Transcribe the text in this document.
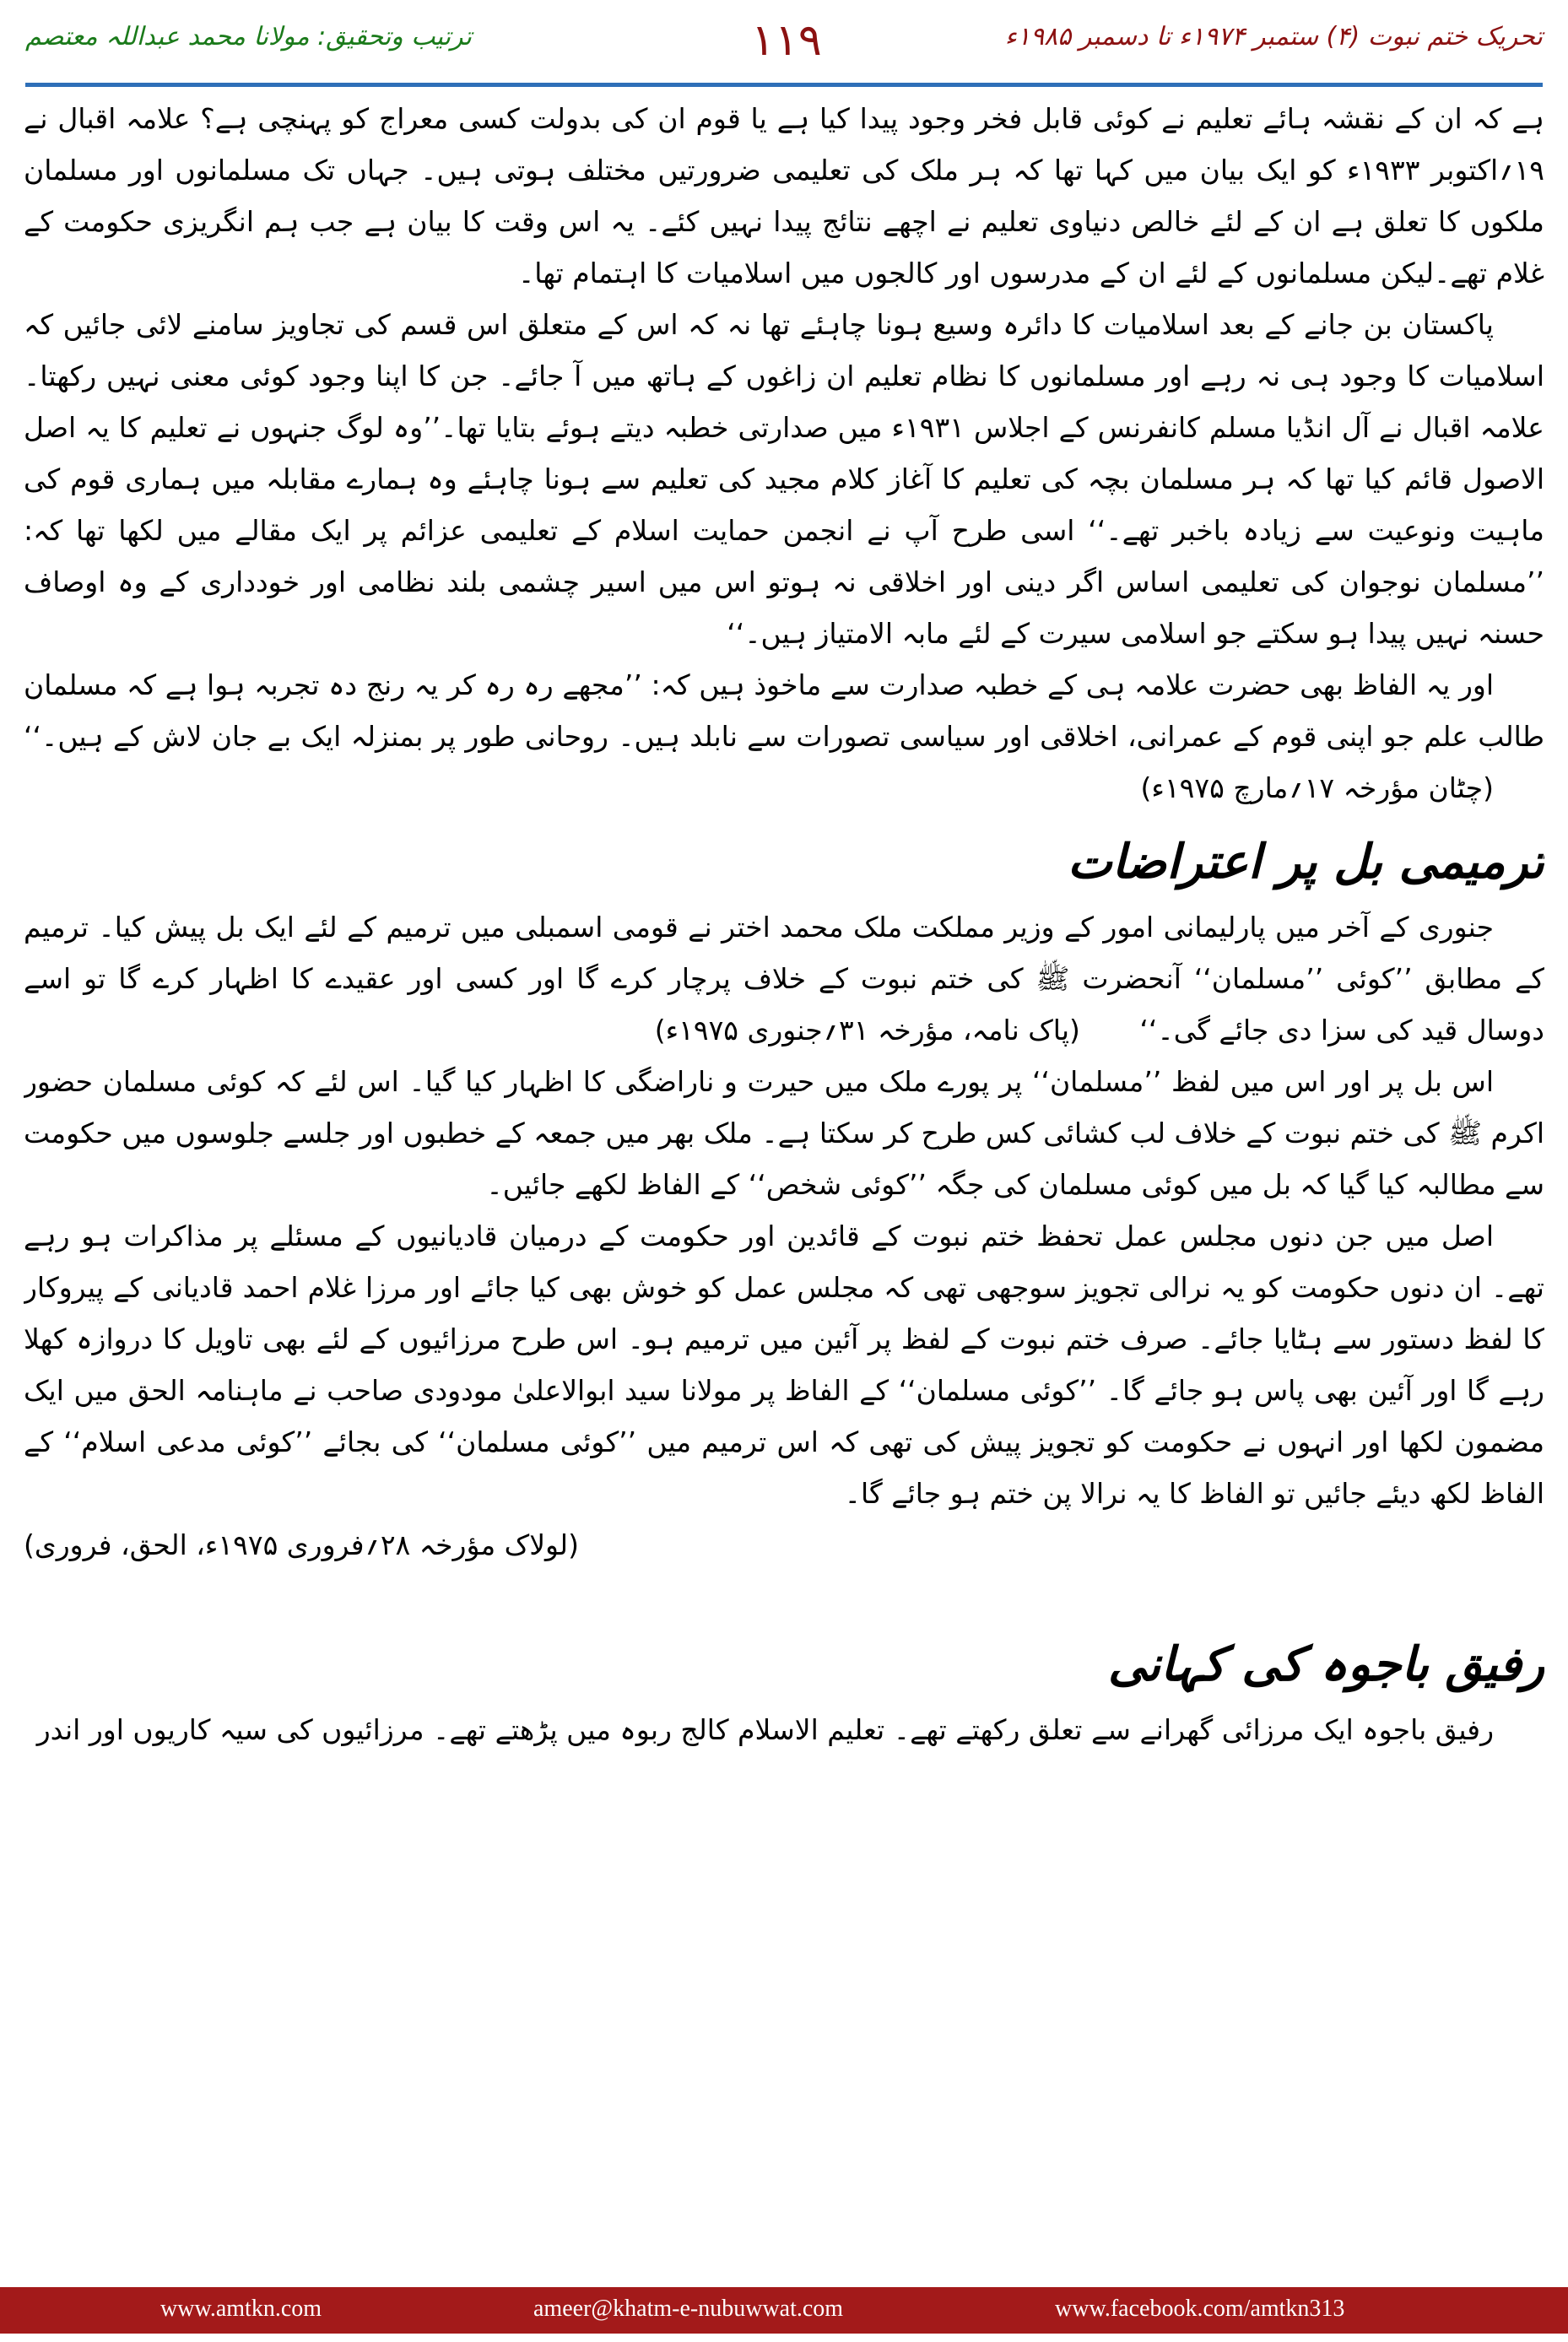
ترتیب وتحقیق: مولانا محمد عبداللہ معتصم	۱۱۹	تحریک ختم نبوت (۴) ستمبر ۱۹۷۴ء تا دسمبر ۱۹۸۵ء

ہے کہ ان کے نقشہ ہائے تعلیم نے کوئی قابل فخر وجود پیدا کیا ہے یا قوم ان کی بدولت کسی معراج کو پہنچی ہے؟ علامہ اقبال نے ۱۹؍اکتوبر ۱۹۳۳ء کو ایک بیان میں کہا تھا کہ ہر ملک کی تعلیمی ضرورتیں مختلف ہوتی ہیں۔ جہاں تک مسلمانوں اور مسلمان ملکوں کا تعلق ہے ان کے لئے خالص دنیاوی تعلیم نے اچھے نتائج پیدا نہیں کئے۔ یہ اس وقت کا بیان ہے جب ہم انگریزی حکومت کے غلام تھے۔لیکن مسلمانوں کے لئے ان کے مدرسوں اور کالجوں میں اسلامیات کا اہتمام تھا۔

پاکستان بن جانے کے بعد اسلامیات کا دائرہ وسیع ہونا چاہئے تھا نہ کہ اس کے متعلق اس قسم کی تجاویز سامنے لائی جائیں کہ اسلامیات کا وجود ہی نہ رہے اور مسلمانوں کا نظام تعلیم ان زاغوں کے ہاتھ میں آ جائے۔ جن کا اپنا وجود کوئی معنی نہیں رکھتا۔علامہ اقبال نے آل انڈیا مسلم کانفرنس کے اجلاس ۱۹۳۱ء میں صدارتی خطبہ دیتے ہوئے بتایا تھا۔’’وہ لوگ جنہوں نے تعلیم کا یہ اصل الاصول قائم کیا تھا کہ ہر مسلمان بچہ کی تعلیم کا آغاز کلام مجید کی تعلیم سے ہونا چاہئے وہ ہمارے مقابلہ میں ہماری قوم کی ماہیت ونوعیت سے زیادہ باخبر تھے۔‘‘ اسی طرح آپ نے انجمن حمایت اسلام کے تعلیمی عزائم پر ایک مقالے میں لکھا تھا کہ: ’’مسلمان نوجوان کی تعلیمی اساس اگر دینی اور اخلاقی نہ ہوتو اس میں اسیر چشمی بلند نظامی اور خودداری کے وہ اوصاف حسنہ نہیں پیدا ہو سکتے جو اسلامی سیرت کے لئے مابہ الامتیاز ہیں۔‘‘

اور یہ الفاظ بھی حضرت علامہ ہی کے خطبہ صدارت سے ماخوذ ہیں کہ: ’’مجھے رہ رہ کر یہ رنج دہ تجربہ ہوا ہے کہ مسلمان طالب علم جو اپنی قوم کے عمرانی، اخلاقی اور سیاسی تصورات سے نابلد ہیں۔ روحانی طور پر بمنزلہ ایک بے جان لاش کے ہیں۔‘‘ (چٹان مؤرخہ ۱۷؍مارچ ۱۹۷۵ء)

ترمیمی بل پر اعتراضات

جنوری کے آخر میں پارلیمانی امور کے وزیر مملکت ملک محمد اختر نے قومی اسمبلی میں ترمیم کے لئے ایک بل پیش کیا۔ ترمیم کے مطابق ’’کوئی ’’مسلمان‘‘ آنحضرت ﷺ کی ختم نبوت کے خلاف پرچار کرے گا اور کسی اور عقیدے کا اظہار کرے گا تو اسے دوسال قید کی سزا دی جائے گی۔‘‘ (پاک نامہ، مؤرخہ ۳۱؍جنوری ۱۹۷۵ء)

اس بل پر اور اس میں لفظ ’’مسلمان‘‘ پر پورے ملک میں حیرت و ناراضگی کا اظہار کیا گیا۔ اس لئے کہ کوئی مسلمان حضور اکرم ﷺ کی ختم نبوت کے خلاف لب کشائی کس طرح کر سکتا ہے۔ ملک بھر میں جمعہ کے خطبوں اور جلسے جلوسوں میں حکومت سے مطالبہ کیا گیا کہ بل میں کوئی مسلمان کی جگہ ’’کوئی شخص‘‘ کے الفاظ لکھے جائیں۔

اصل میں جن دنوں مجلس عمل تحفظ ختم نبوت کے قائدین اور حکومت کے درمیان قادیانیوں کے مسئلے پر مذاکرات ہو رہے تھے۔ ان دنوں حکومت کو یہ نرالی تجویز سوجھی تھی کہ مجلس عمل کو خوش بھی کیا جائے اور مرزا غلام احمد قادیانی کے پیروکار کا لفظ دستور سے ہٹایا جائے۔ صرف ختم نبوت کے لفظ پر آئین میں ترمیم ہو۔ اس طرح مرزائیوں کے لئے بھی تاویل کا دروازہ کھلا رہے گا اور آئین بھی پاس ہو جائے گا۔ ’’کوئی مسلمان‘‘ کے الفاظ پر مولانا سید ابوالاعلیٰ مودودی صاحب نے ماہنامہ الحق میں ایک مضمون لکھا اور انہوں نے حکومت کو تجویز پیش کی تھی کہ اس ترمیم میں ’’کوئی مسلمان‘‘ کی بجائے ’’کوئی مدعی اسلام‘‘ کے الفاظ لکھ دیئے جائیں تو الفاظ کا یہ نرالا پن ختم ہو جائے گا۔

(لولاک مؤرخہ ۲۸؍فروری ۱۹۷۵ء، الحق، فروری)

رفیق باجوہ کی کہانی

رفیق باجوہ ایک مرزائی گھرانے سے تعلق رکھتے تھے۔ تعلیم الاسلام کالج ربوہ میں پڑھتے تھے۔ مرزائیوں کی سیہ کاریوں اور اندر

www.amtkn.com	ameer@khatm-e-nubuwwat.com	www.facebook.com/amtkn313
